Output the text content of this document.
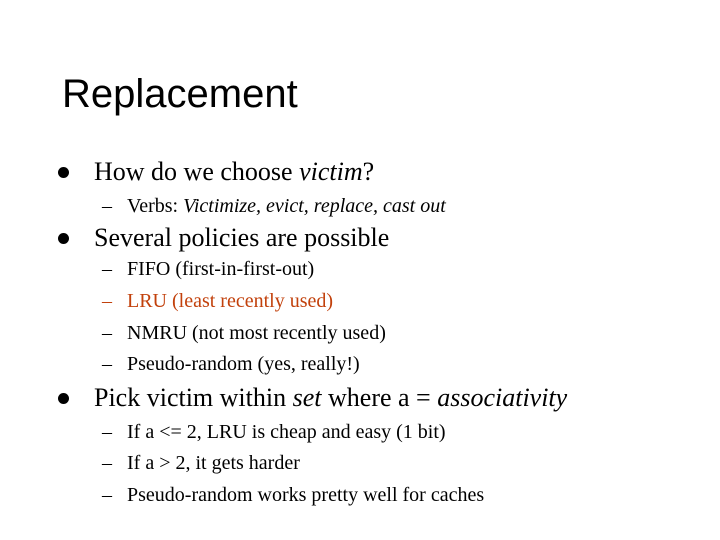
Replacement
How do we choose victim?
– Verbs: Victimize, evict, replace, cast out
Several policies are possible
– FIFO (first-in-first-out)
– LRU (least recently used)
– NMRU (not most recently used)
– Pseudo-random (yes, really!)
Pick victim within set where a = associativity
– If a <= 2, LRU is cheap and easy (1 bit)
– If a > 2, it gets harder
– Pseudo-random works pretty well for caches
